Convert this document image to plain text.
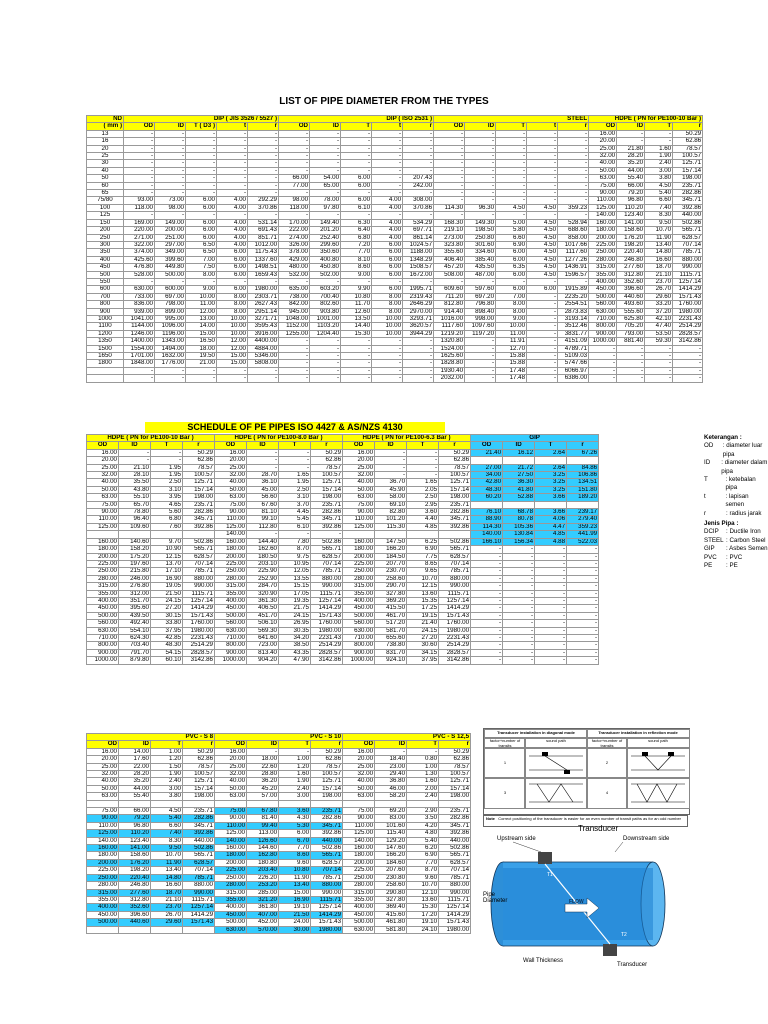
LIST OF PIPE DIAMETER FROM THE TYPES
ND	DIP ( JIS 3526 / 5527 )					DIP ( ISO 2531 )					STEEL					HDPE ( PN for PE100-10 Bar )			
( mm )	OD	ID	T ( D3 )	t	r	OD	ID	T	t	r	OD	ID	T	t	r	OD	ID	T	r
13	-	-	-	-	-	-	-	-	-	-	-	-	-	-	-	16.00	-	-	50.29
16	-	-	-	-	-	-	-	-	-	-	-	-	-	-	-	20.00	-	-	62.86
20	-	-	-	-	-	-	-	-	-	-	-	-	-	-	-	25.00	21.80	1.60	78.57
25	-	-	-	-	-	-	-	-	-	-	-	-	-	-	-	32.00	28.20	1.90	100.57
30	-	-	-	-	-	-	-	-	-	-	-	-	-	-	-	40.00	35.20	2.40	125.71
40	-	-	-	-	-	-	-	-	-	-	-	-	-	-	-	50.00	44.00	3.00	157.14
50	-	-	-	-	-	66.00	54.00	6.00	-	207.43	-	-	-	-	-	63.00	55.40	3.80	198.00
60	-	-	-	-	-	77.00	65.00	6.00	-	242.00	-	-	-	-	-	75.00	66.00	4.50	235.71
65	-	-	-	-	-	-	-	-	-	-	-	-	-	-	-	90.00	79.20	5.40	282.86
75/80	93.00	73.00	6.00	4.00	292.29	98.00	78.00	6.00	4.00	308.00	-	-	-	-	-	110.00	96.80	6.60	345.71
100	118.00	98.00	6.00	4.00	370.86	118.00	97.80	6.10	4.00	370.86	114.30	96.30	4.50	4.50	359.23	125.00	110.20	7.40	392.86
125	-	-	-	-	-	-	-	-	-	-	-	-	-	-	-	140.00	123.40	8.30	440.00
150	169.00	149.00	6.00	4.00	531.14	170.00	149.40	6.30	4.00	534.29	168.30	149.30	5.00	4.50	528.94	160.00	141.00	9.50	502.86
200	220.00	200.00	6.00	4.00	691.43	222.00	201.20	6.40	4.00	697.71	219.10	198.50	5.80	4.50	688.60	180.00	158.60	10.70	565.71
250	271.00	251.00	6.00	4.00	851.71	274.00	252.40	6.80	4.00	861.14	273.00	250.80	6.60	4.50	858.00	200.00	176.20	11.90	628.57
300	322.00	297.00	6.50	4.00	1012.00	326.00	299.60	7.20	6.00	1024.57	323.80	301.60	6.90	4.50	1017.66	225.00	198.20	13.40	707.14
350	374.00	349.00	6.50	6.00	1175.43	378.00	350.60	7.70	6.00	1188.00	355.60	334.60	6.00	4.50	1117.60	250.00	220.40	14.80	785.71
400	425.60	399.60	7.00	6.00	1337.60	429.00	400.80	8.10	6.00	1348.29	406.40	385.40	6.00	4.50	1277.26	280.00	246.80	16.60	880.00
450	476.80	449.80	7.50	6.00	1498.51	480.00	450.80	8.60	6.00	1508.57	457.20	435.50	6.35	4.50	1436.91	315.00	277.60	18.70	990.00
500	528.00	500.00	8.00	6.00	1659.43	532.00	502.00	9.00	6.00	1672.00	508.00	487.00	6.00	4.50	1596.57	355.00	312.80	21.10	1115.71
550	-	-	-	-	-	-	-	-	-	-	-	-	-	-	-	400.00	352.60	23.70	1257.14
600	630.00	600.00	9.00	6.00	1980.00	635.00	603.20	9.90	6.00	1995.71	609.60	597.60	6.00	6.00	1915.89	450.00	396.60	26.70	1414.29
700	733.00	697.00	10.00	8.00	2303.71	738.00	700.40	10.80	8.00	2319.43	711.20	697.20	7.00	-	2235.20	500.00	440.60	29.60	1571.43
800	836.00	798.00	11.00	8.00	2627.43	842.00	802.60	11.70	8.00	2646.29	812.80	796.80	8.00	-	2554.51	560.00	493.60	33.20	1760.00
900	939.00	899.00	12.00	8.00	2951.14	945.00	903.80	12.60	8.00	2970.00	914.40	898.40	8.00	-	2873.83	630.00	555.60	37.20	1980.00
1000	1041.00	995.00	13.00	10.00	3271.71	1048.00	1001.00	13.50	10.00	3293.71	1016.00	998.00	9.00	-	3193.14	710.00	625.80	42.10	2231.43
1100	1144.00	1096.00	14.00	10.00	3595.43	1152.00	1103.20	14.40	10.00	3620.57	1117.60	1097.60	10.00	-	3512.46	800.00	705.20	47.40	2514.29
1200	1246.00	1196.00	15.00	10.00	3916.00	1255.00	1204.40	15.30	10.00	3944.29	1219.20	1197.20	11.00	-	3831.77	900.00	793.00	53.50	2828.57
1350	1400.00	1343.00	16.50	12.00	4400.00	-	-	-	-	-	1320.80	-	11.91	-	4151.09	1000.00	881.40	59.30	3142.86
1500	1554.00	1494.00	18.00	12.00	4884.00	-	-	-	-	-	1524.00	-	12.70	-	4789.71	-	-	-	-
1650	1701.00	1632.00	19.50	15.00	5346.00	-	-	-	-	-	1625.60	-	15.88	-	5109.03	-	-	-	-
1800	1848.00	1776.00	21.00	15.00	5808.00	-	-	-	-	-	1828.80	-	15.88	-	5747.66	-	-	-	-
	-	-	-	-	-	-	-	-	-	-	1930.40	-	17.48	-	6066.97	-	-	-	-
	-	-	-	-	-	-	-	-	-	-	2032.00	-	17.48	-	6386.00	-	-	-	-
SCHEDULE OF PE PIPES ISO 4427 & AS/NZS 4130
HDPE ( PN for PE100-10 Bar )				HDPE ( PN for PE100-8.0 Bar )				HDPE ( PN for PE100-6.3 Bar )				GIP			
OD	ID	T	r	OD	ID	T	r	OD	ID	T	r	OD	ID	T	r
16.00	-	-	50.29	16.00	-	-	50.29	16.00	-	-	50.29	21.40	16.12	2.64	67.26
20.00	-	-	62.86	20.00	-	-	62.86	20.00	-	-	62.86				
25.00	21.10	1.95	78.57	25.00	-	-	78.57	25.00	-	-	78.57	27.00	21.72	2.64	84.86
32.00	28.10	1.95	100.57	32.00	28.70	1.65	100.57	32.00	-	-	100.57	34.00	27.50	3.25	106.86
40.00	35.50	2.50	125.71	40.00	36.10	1.95	125.71	40.00	36.70	1.65	125.71	42.80	36.30	3.25	134.51
50.00	43.80	3.10	157.14	50.00	45.00	2.50	157.14	50.00	45.90	2.05	157.14	48.30	41.80	3.25	151.80
63.00	55.10	3.95	198.00	63.00	56.60	3.10	198.00	63.00	58.00	2.50	198.00	60.20	52.88	3.66	189.20
75.00	65.70	4.65	235.71	75.00	67.60	3.70	235.71	75.00	69.10	2.95	235.71				
90.00	78.80	5.60	282.86	90.00	81.10	4.45	282.86	90.00	82.80	3.60	282.86	76.10	68.78	3.66	239.17
110.00	96.40	6.80	345.71	110.00	99.10	5.45	345.71	110.00	101.20	4.40	345.71	88.90	80.78	4.06	279.40
125.00	109.60	7.60	392.86	125.00	112.80	6.10	392.86	125.00	115.30	4.85	392.86	114.30	105.36	4.47	359.23
				140.00	-	-	-					140.00	130.84	4.85	441.99
160.00	140.60	9.70	502.86	160.00	144.40	7.80	502.86	160.00	147.50	6.25	502.86	166.10	156.34	4.88	522.03
180.00	158.20	10.90	565.71	180.00	162.60	8.70	565.71	180.00	166.20	6.90	565.71	-	-	-	-
200.00	175.20	12.15	628.57	200.00	180.50	9.75	628.57	200.00	184.50	7.75	628.57	-	-	-	-
225.00	197.60	13.70	707.14	225.00	203.10	10.95	707.14	225.00	207.70	8.65	707.14	-	-	-	-
250.00	215.80	17.10	785.71	250.00	225.90	12.05	785.71	250.00	230.70	9.65	785.71	-	-	-	-
280.00	246.00	16.90	880.00	280.00	252.90	13.55	880.00	280.00	258.60	10.70	880.00	-	-	-	-
315.00	276.80	19.05	990.00	315.00	284.70	15.15	990.00	315.00	290.70	12.15	990.00	-	-	-	-
355.00	312.00	21.50	1115.71	355.00	320.90	17.05	1115.71	355.00	327.80	13.60	1115.71	-	-	-	-
400.00	351.70	24.15	1257.14	400.00	361.30	19.35	1257.14	400.00	369.20	15.35	1257.14	-	-	-	-
450.00	395.60	27.20	1414.29	450.00	406.50	21.75	1414.29	450.00	415.50	17.25	1414.29	-	-	-	-
500.00	439.50	30.15	1571.43	500.00	451.70	24.15	1571.43	500.00	461.70	19.15	1571.43	-	-	-	-
560.00	492.40	33.80	1760.00	560.00	506.10	26.95	1760.00	560.00	517.20	21.40	1760.00	-	-	-	-
630.00	554.10	37.95	1980.00	630.00	569.30	30.35	1980.00	630.00	581.70	24.15	1980.00	-	-	-	-
710.00	624.30	42.85	2231.43	710.00	641.60	34.20	2231.43	710.00	655.60	27.20	2231.43	-	-	-	-
800.00	703.40	48.30	2514.29	800.00	723.00	38.50	2514.29	800.00	738.80	30.60	2514.29	-	-	-	-
900.00	791.70	54.15	2828.57	900.00	813.40	43.35	2828.57	900.00	831.70	34.15	2828.57	-	-	-	-
1000.00	879.80	60.10	3142.86	1000.00	904.20	47.90	3142.86	1000.00	924.10	37.95	3142.86	-	-	-	-
Keterangan :
OD	: diameter luar pipa
ID	: diameter dalam pipa
T	: ketebalan pipa
t	: lapisan semen
r	: radius jarak
Jenis Pipa :
DCIP	: Ductile Iron
STEEL : Carbon Steel
GIP	: Asbes Semen
PVC	: PVC
PE	: PE
PVC - S 8				PVC - S 10				PVC - S 12,5			
OD	ID	T	r	OD	ID	T	r	OD	ID	T	r
16.00	14.00	1.00	50.29	16.00	-	-	50.29	16.00	-	-	50.29
20.00	17.60	1.20	62.86	20.00	18.00	1.00	62.86	20.00	18.40	0.80	62.86
25.00	22.00	1.50	78.57	25.00	22.60	1.20	78.57	25.00	23.00	1.00	78.57
32.00	28.20	1.90	100.57	32.00	28.80	1.60	100.57	32.00	29.40	1.30	100.57
40.00	35.20	2.40	125.71	40.00	36.20	1.90	125.71	40.00	36.80	1.60	125.71
50.00	44.00	3.00	157.14	50.00	45.20	2.40	157.14	50.00	46.00	2.00	157.14
63.00	55.40	3.80	198.00	63.00	57.00	3.00	198.00	63.00	58.20	2.40	198.00

75.00	66.00	4.50	235.71	75.00	67.80	3.60	235.71	75.00	69.20	2.90	235.71
90.00	79.20	5.40	282.86	90.00	81.40	4.30	282.86	90.00	83.00	3.50	282.86
110.00	96.80	6.60	345.71	110.00	99.40	5.30	345.71	110.00	101.60	4.20	345.71
125.00	110.20	7.40	392.86	125.00	113.00	6.00	392.86	125.00	115.40	4.80	392.86
140.00	123.40	8.30	440.00	140.00	126.60	6.70	440.00	140.00	129.20	5.40	440.00
160.00	141.00	9.50	502.86	160.00	144.60	7.70	502.86	160.00	147.60	6.20	502.86
180.00	158.60	10.70	565.71	180.00	162.80	8.60	565.71	180.00	166.20	6.90	565.71
200.00	176.20	11.90	628.57	200.00	180.80	9.60	628.57	200.00	184.60	7.70	628.57
225.00	198.20	13.40	707.14	225.00	203.40	10.80	707.14	225.00	207.60	8.70	707.14
250.00	220.40	14.80	785.71	250.00	226.20	11.90	785.71	250.00	230.80	9.60	785.71
280.00	246.80	16.60	880.00	280.00	253.20	13.40	880.00	280.00	258.60	10.70	880.00
315.00	277.60	18.70	990.00	315.00	285.00	15.00	990.00	315.00	290.80	12.10	990.00
355.00	312.80	21.10	1115.71	355.00	321.20	16.90	1115.71	355.00	327.80	13.60	1115.71
400.00	352.60	23.70	1257.14	400.00	361.80	19.10	1257.14	400.00	369.40	15.30	1257.14
450.00	396.60	26.70	1414.29	450.00	407.00	21.50	1414.29	450.00	415.60	17.20	1414.29
500.00	440.60	29.60	1571.43	500.00	452.00	24.00	1571.43	500.00	461.80	19.10	1571.43
				630.00	570.00	30.00	1980.00	630.00	581.80	24.10	1980.00
Transducer installation in diagonal mode	Transducer installation in reflection mode
factor+number of transits
sound path	factor+number of transits
sound path
1	2
3	4
Note Correct positioning of the transducer is easier for an even number of transit paths as for an odd number
Upstream side	Downstream side
Transducer
Pipe Diameter	FLOW
T1
T2
Wall Thickness
Transducer
